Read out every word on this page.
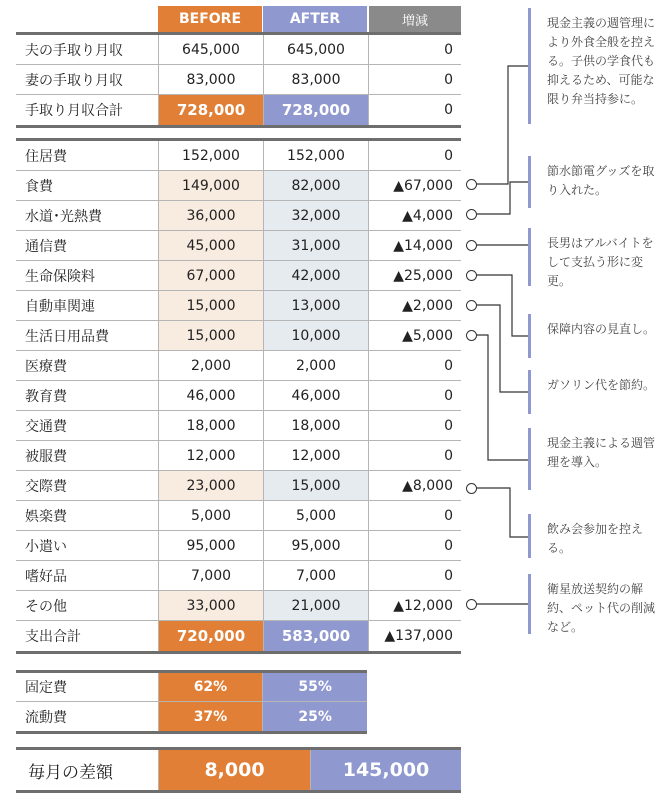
BEFORE	AFTER	増減
夫の手取り月収	645,000	645,000	0
妻の手取り月収	83,000	83,000	0
手取り月収合計	728,000	728,000	0
住居費	152,000	152,000	0
食費	149,000	82,000	▲67,000
水道･光熱費	36,000	32,000	▲4,000
通信費	45,000	31,000	▲14,000
生命保険料	67,000	42,000	▲25,000
自動車関連	15,000	13,000	▲2,000
生活日用品費	15,000	10,000	▲5,000
医療費	2,000	2,000	0
教育費	46,000	46,000	0
交通費	18,000	18,000	0
被服費	12,000	12,000	0
交際費	23,000	15,000	▲8,000
娯楽費	5,000	5,000	0
小遣い	95,000	95,000	0
嗜好品	7,000	7,000	0
その他	33,000	21,000	▲12,000
支出合計	720,000	583,000	▲137,000
固定費	62%	55%
流動費	37%	25%
毎月の差額	8,000	145,000
現金主義の週管理により外食全般を控える。子供の学食代も抑えるため、可能な限り弁当持参に。
節水節電グッズを取り入れた。
長男はアルバイトをして支払う形に変更。
保障内容の見直し。
ガソリン代を節約。
現金主義による週管理を導入。
飲み会参加を控える。
衛星放送契約の解約、ペット代の削減など。
